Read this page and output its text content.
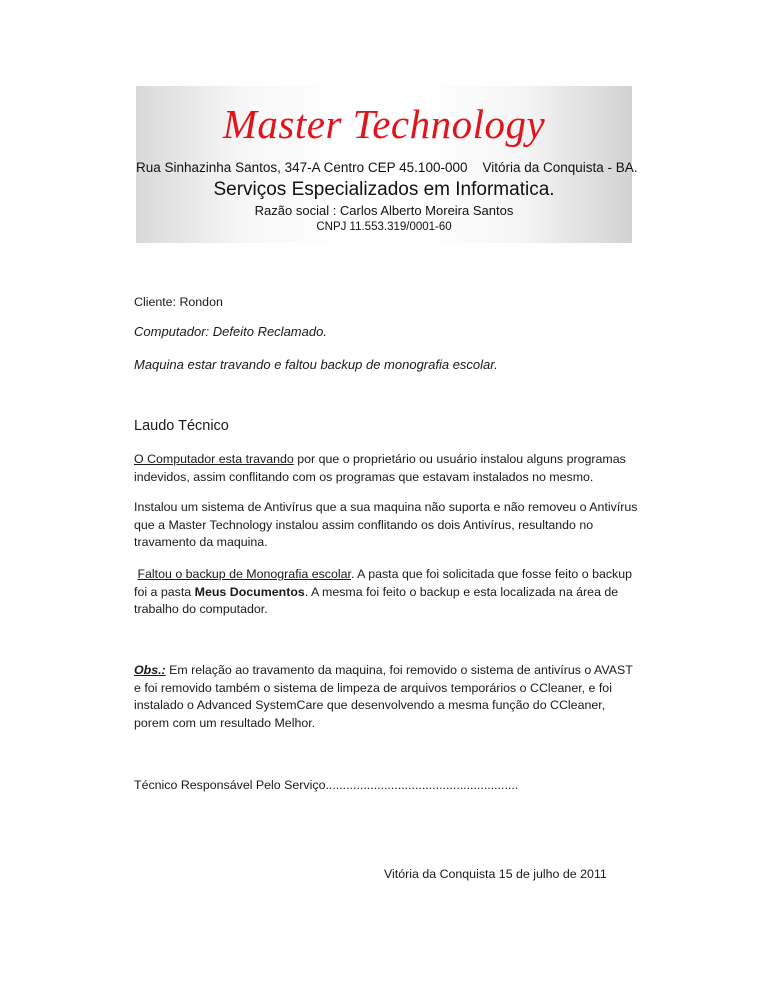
Master Technology
Rua Sinhazinha Santos, 347-A Centro CEP 45.100-000    Vitória da Conquista - BA.
Serviços Especializados em Informatica.
Razão social : Carlos Alberto Moreira Santos
CNPJ 11.553.319/0001-60

Cliente: Rondon

Computador: Defeito Reclamado.

Maquina estar travando e faltou backup de monografia escolar.

Laudo Técnico

O Computador esta travando por que o proprietário ou usuário instalou alguns programas indevidos, assim conflitando com os programas que estavam instalados no mesmo.

Instalou um sistema de Antivírus que a sua maquina não suporta e não removeu o Antivírus que a Master Technology instalou assim conflitando os dois Antivírus, resultando no travamento da maquina.

Faltou o backup de Monografia escolar. A pasta que foi solicitada que fosse feito o backup foi a pasta Meus Documentos. A mesma foi feito o backup e esta localizada na área de trabalho do computador.

Obs.: Em relação ao travamento da maquina, foi removido o sistema de antivírus o AVAST e foi removido também o sistema de limpeza de arquivos temporários o CCleaner, e foi instalado o Advanced SystemCare que desenvolvendo a mesma função do CCleaner, porem com um resultado Melhor.

Técnico Responsável Pelo Serviço........................................................

Vitória da Conquista 15 de julho de 2011
